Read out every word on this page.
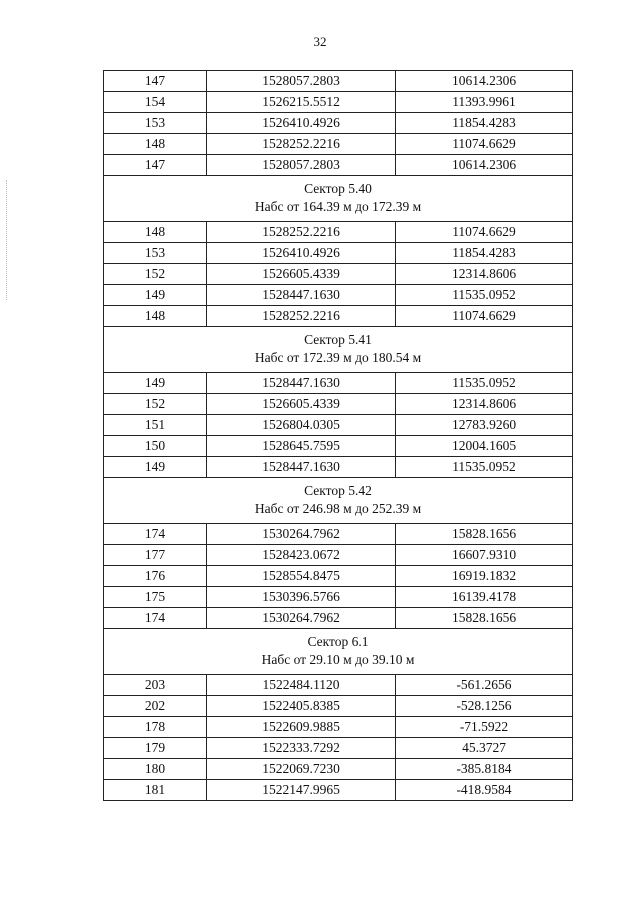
32
147	1528057.2803	10614.2306
154	1526215.5512	11393.9961
153	1526410.4926	11854.4283
148	1528252.2216	11074.6629
147	1528057.2803	10614.2306

Сектор 5.40
Набс от 164.39 м до 172.39 м		

148	1528252.2216	11074.6629
153	1526410.4926	11854.4283
152	1526605.4339	12314.8606
149	1528447.1630	11535.0952
148	1528252.2216	11074.6629

Сектор 5.41
Набс от 172.39 м до 180.54 м		

149	1528447.1630	11535.0952
152	1526605.4339	12314.8606
151	1526804.0305	12783.9260
150	1528645.7595	12004.1605
149	1528447.1630	11535.0952

Сектор 5.42
Набс от 246.98 м до 252.39 м		

174	1530264.7962	15828.1656
177	1528423.0672	16607.9310
176	1528554.8475	16919.1832
175	1530396.5766	16139.4178
174	1530264.7962	15828.1656

Сектор 6.1
Набс от 29.10 м до 39.10 м		

203	1522484.1120	-561.2656
202	1522405.8385	-528.1256
178	1522609.9885	-71.5922
179	1522333.7292	45.3727
180	1522069.7230	-385.8184
181	1522147.9965	-418.9584
